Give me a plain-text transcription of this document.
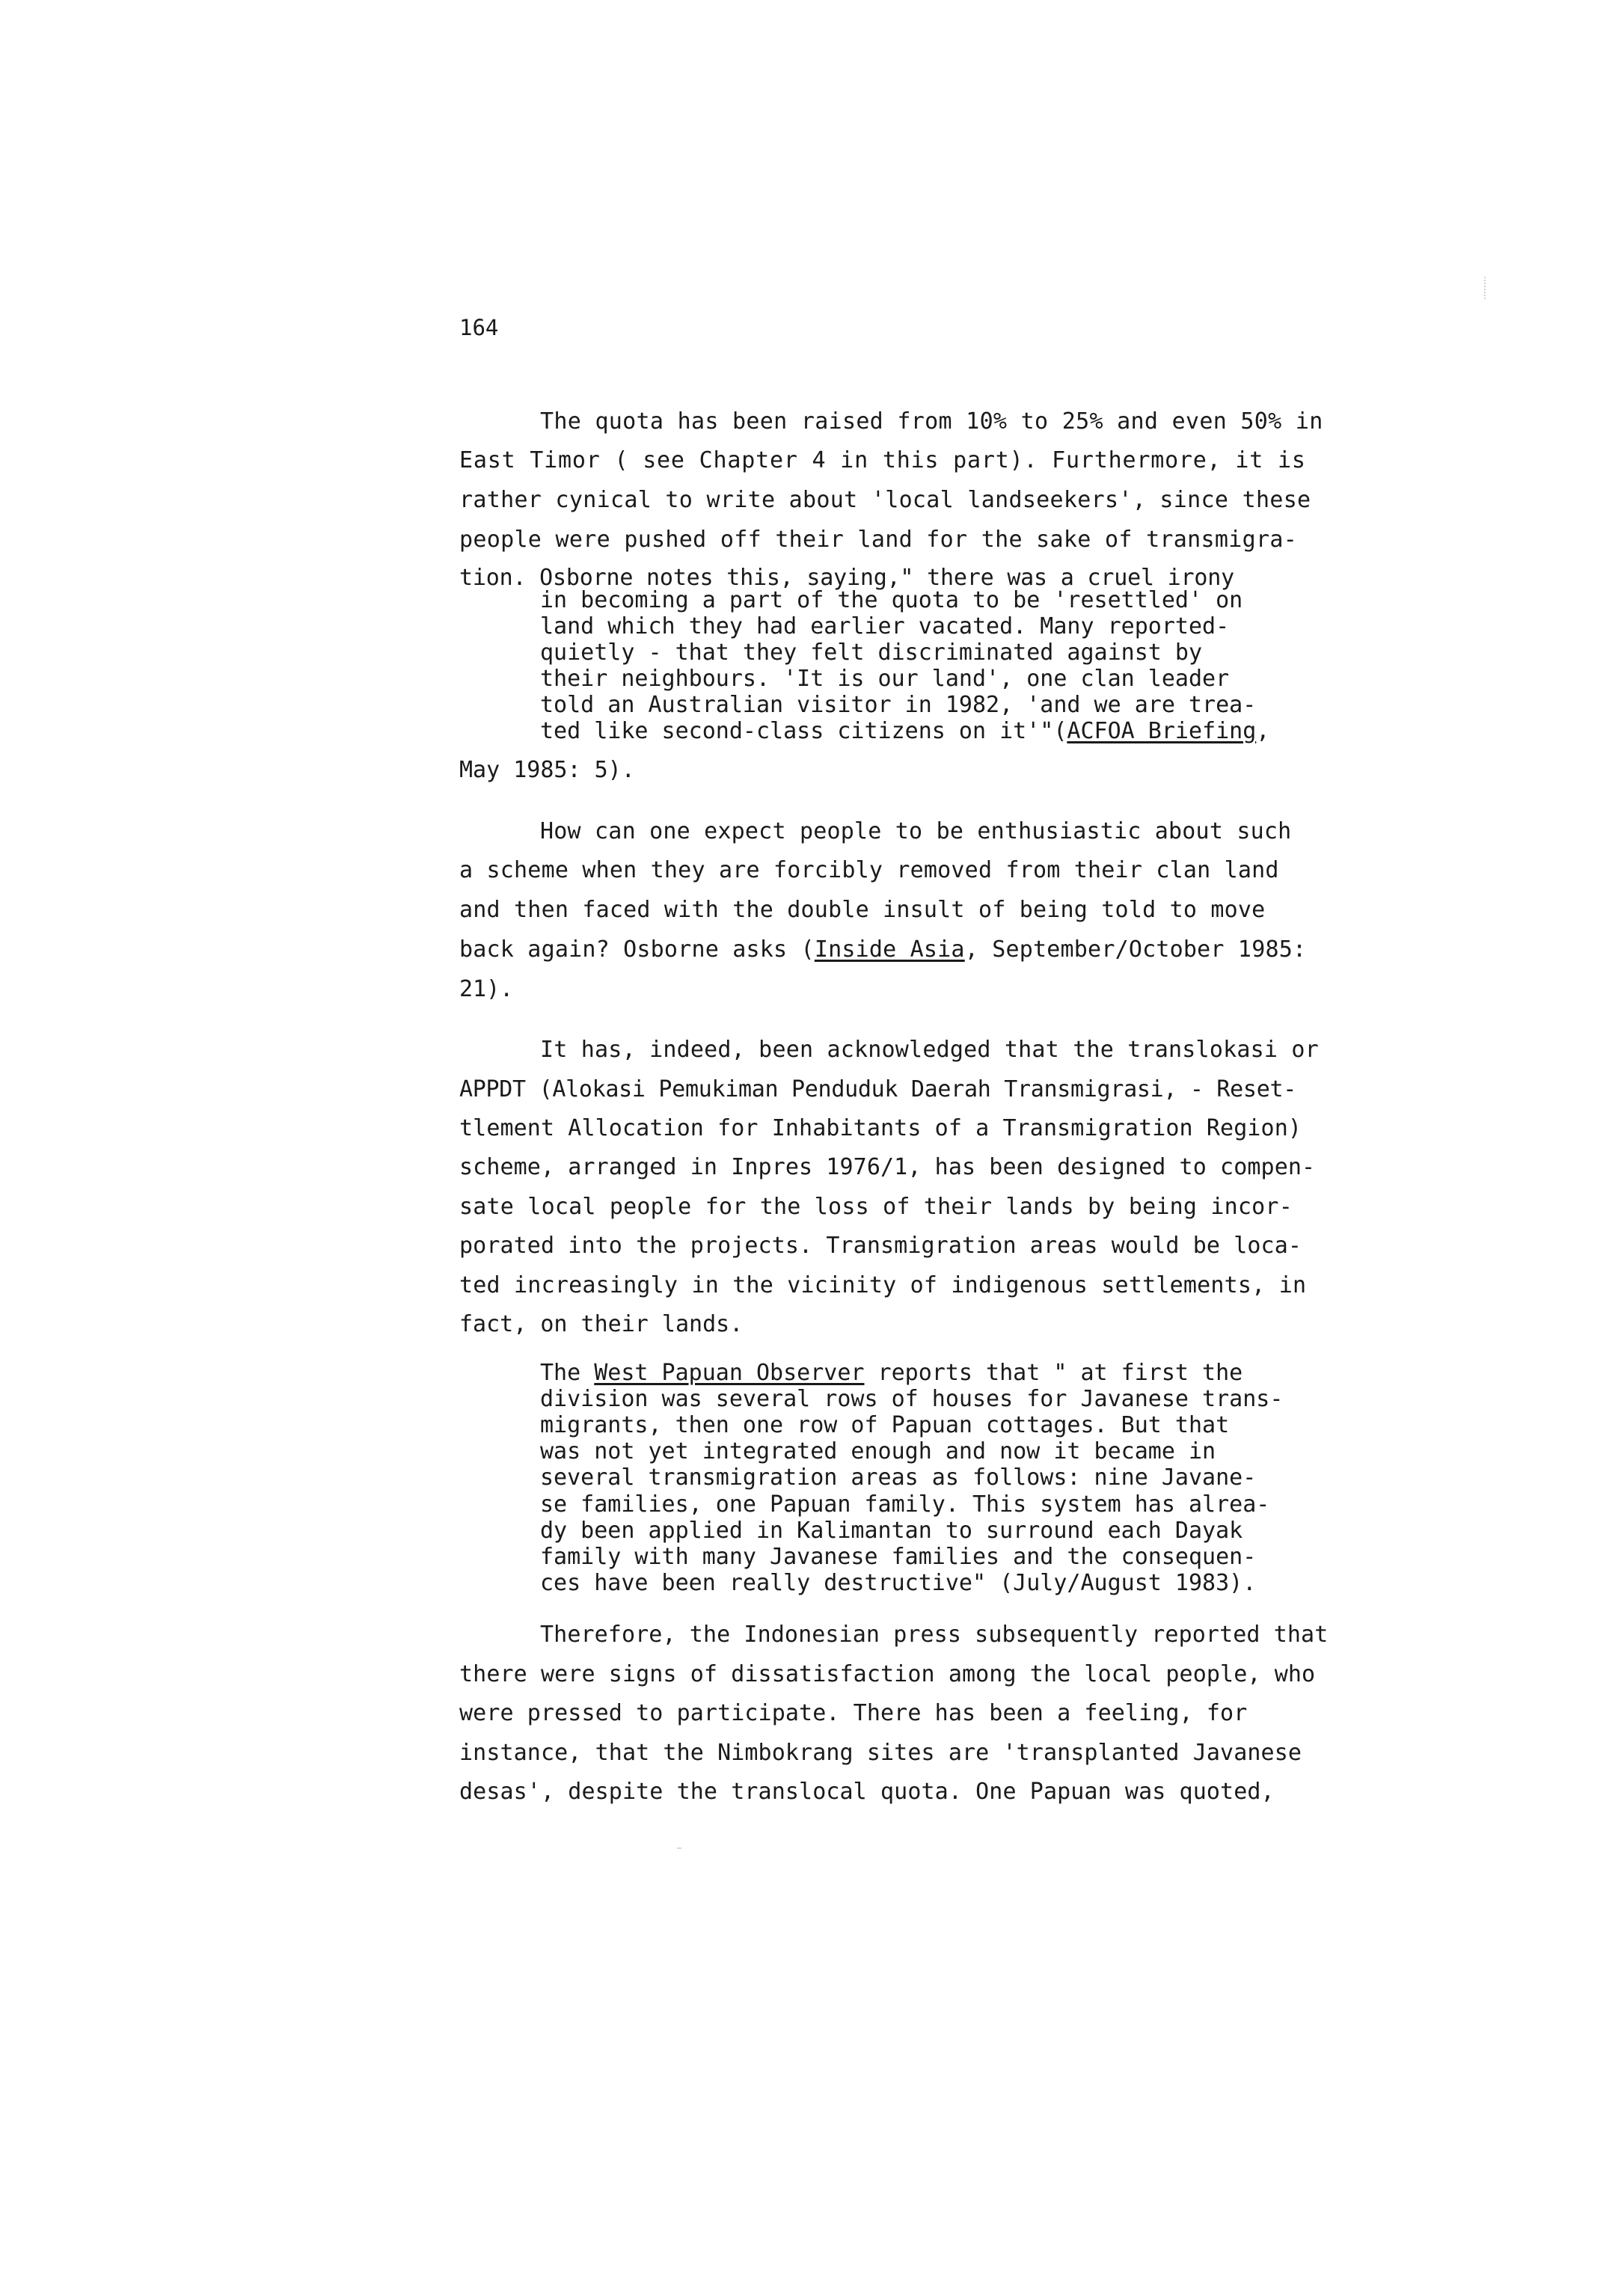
164
The quota has been raised from 10% to 25% and even 50% in
East Timor ( see Chapter 4 in this part). Furthermore, it is
rather cynical to write about 'local landseekers', since these
people were pushed off their land for the sake of transmigra-
tion. Osborne notes this, saying," there was a cruel irony
in becoming a part of the quota to be 'resettled' on
land which they had earlier vacated. Many reported-
quietly - that they felt discriminated against by
their neighbours. 'It is our land', one clan leader
told an Australian visitor in 1982, 'and we are trea-
ted like second-class citizens on it'"(ACFOA Briefing,
May 1985: 5).
How can one expect people to be enthusiastic about such
a scheme when they are forcibly removed from their clan land
and then faced with the double insult of being told to move
back again? Osborne asks (Inside Asia, September/October 1985:
21).
It has, indeed, been acknowledged that the translokasi or
APPDT (Alokasi Pemukiman Penduduk Daerah Transmigrasi, - Reset-
tlement Allocation for Inhabitants of a Transmigration Region)
scheme, arranged in Inpres 1976/1, has been designed to compen-
sate local people for the loss of their lands by being incor-
porated into the projects. Transmigration areas would be loca-
ted increasingly in the vicinity of indigenous settlements, in
fact, on their lands.
The West Papuan Observer reports that " at first the
division was several rows of houses for Javanese trans-
migrants, then one row of Papuan cottages. But that
was not yet integrated enough and now it became in
several transmigration areas as follows: nine Javane-
se families, one Papuan family. This system has alrea-
dy been applied in Kalimantan to surround each Dayak
family with many Javanese families and the consequen-
ces have been really destructive" (July/August 1983).
Therefore, the Indonesian press subsequently reported that
there were signs of dissatisfaction among the local people, who
were pressed to participate. There has been a feeling, for
instance, that the Nimbokrang sites are 'transplanted Javanese
desas', despite the translocal quota. One Papuan was quoted,
